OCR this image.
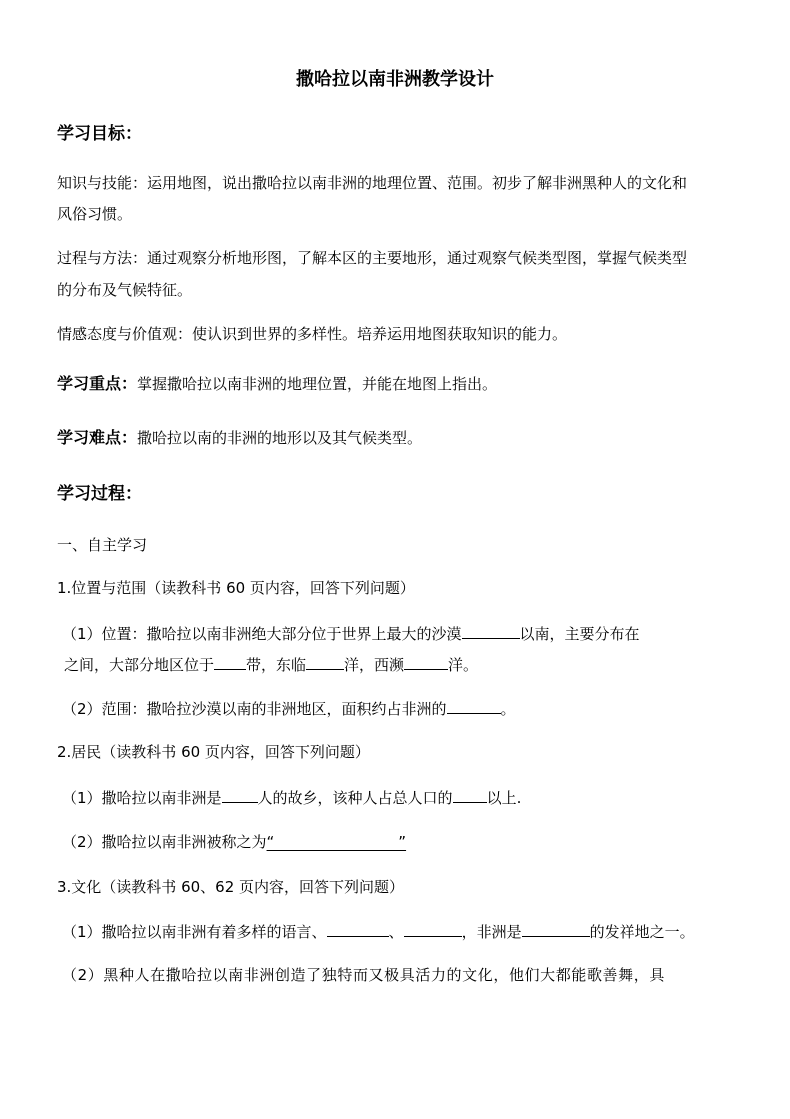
撒哈拉以南非洲教学设计
学习目标：
知识与技能：运用地图，说出撒哈拉以南非洲的地理位置、范围。初步了解非洲黑种人的文化和
风俗习惯。
过程与方法：通过观察分析地形图，了解本区的主要地形，通过观察气候类型图，掌握气候类型
的分布及气候特征。
情感态度与价值观：使认识到世界的多样性。培养运用地图获取知识的能力。
学习重点：掌握撒哈拉以南非洲的地理位置，并能在地图上指出。
学习难点：撒哈拉以南的非洲的地形以及其气候类型。
学习过程：
一、自主学习
1.位置与范围（读教科书 60 页内容，回答下列问题）
（1）位置：撒哈拉以南非洲绝大部分位于世界上最大的沙漠	以南，主要分布在
之间，大部分地区位于 带，东临	洋，西濒	洋。
（2）范围：撒哈拉沙漠以南的非洲地区，面积约占非洲的	。
2.居民（读教科书 60 页内容，回答下列问题）
（1）撒哈拉以南非洲是 人的故乡，该种人占总人口的 以上.
（2）撒哈拉以南非洲被称之为“                          ”
3.文化（读教科书 60、62 页内容，回答下列问题）
（1）撒哈拉以南非洲有着多样的语言、	、	，非洲是	的发祥地之一。
（2）黑种人在撒哈拉以南非洲创造了独特而又极具活力的文化，他们大都能歌善舞，具
